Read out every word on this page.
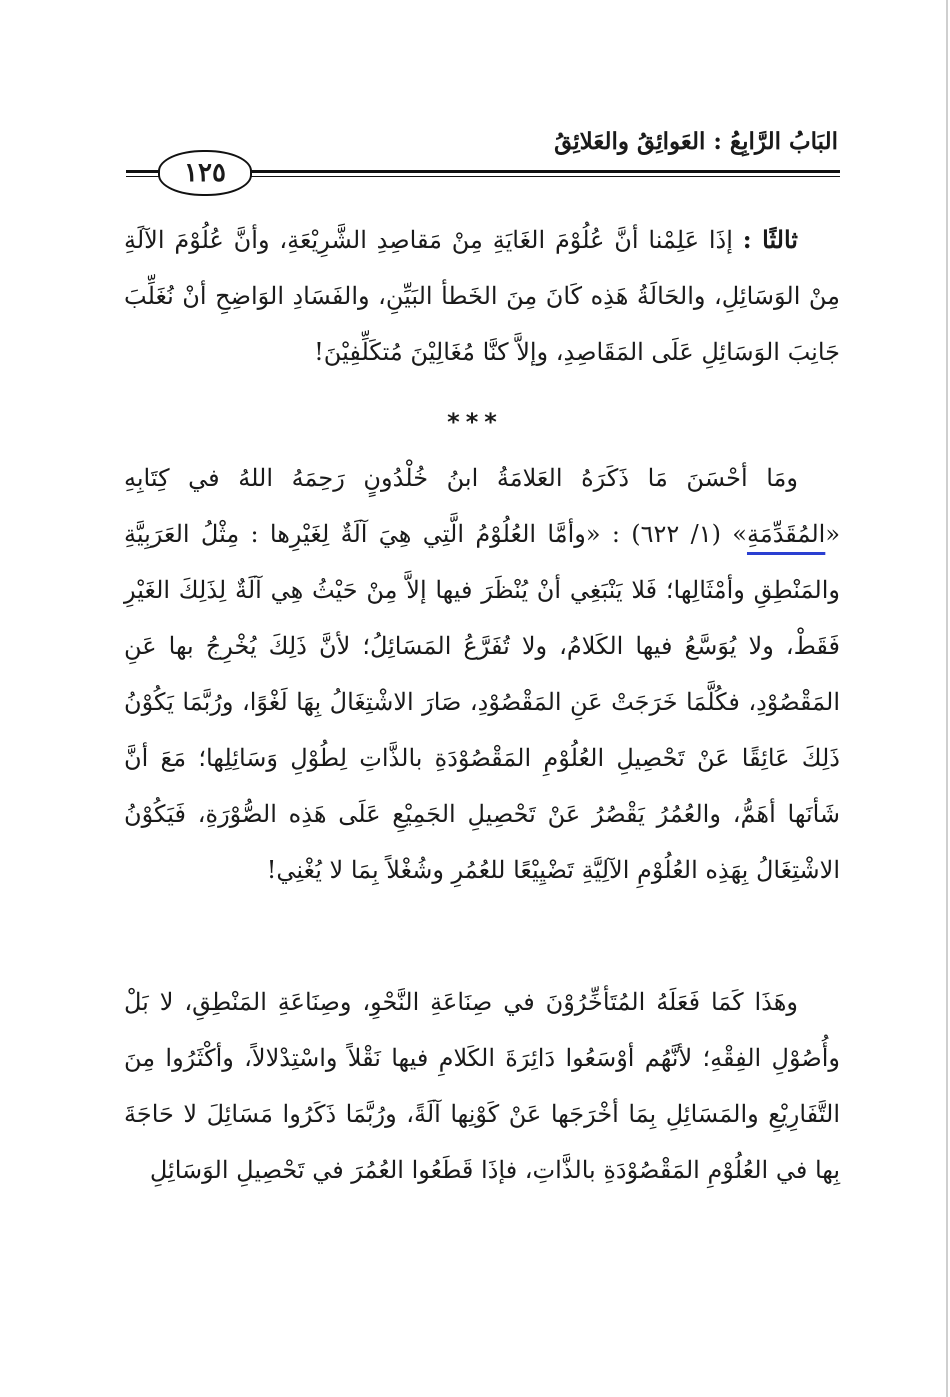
البَابُ الرَّابِعُ : العَوائِقُ والعَلائِقُ
١٢٥
ثالثًا : إذَا عَلِمْنا أنَّ عُلُوْمَ الغَايَةِ مِنْ مَقاصِدِ الشَّرِيْعَةِ، وأنَّ عُلُوْمَ الآلَةِ مِنْ الوَسَائِلِ، والحَالَةُ هَذِه كَانَ مِنَ الخَطأ البَيِّنِ، والفَسَادِ الوَاضِحِ أنْ نُغَلِّبَ جَانِبَ الوَسَائِلِ عَلَى المَقَاصِدِ، وإلاَّ كنَّا مُغَالِيْنَ مُتكَلِّفِيْنَ!
***
ومَا أحْسَنَ مَا ذَكَرَهُ العَلامَةُ ابنُ خُلْدُونٍ رَحِمَهُ اللهُ في كِتَابِهِ «المُقَدِّمَةِ» (١/ ٦٢٢) : «وأمَّا العُلُوْمُ الَّتِي هِيَ آلَةٌ لِغَيْرِها : مِثْلُ العَرَبِيَّةِ والمَنْطِقِ وأمْثَالِها؛ فَلا يَنْبَغِي أنْ يُنْظَرَ فيها إلاَّ مِنْ حَيْثُ هِي آلَةٌ لِذَلِكَ الغَيْرِ فَقَطْ، ولا يُوَسَّعُ فيها الكَلامُ، ولا تُفَرَّعُ المَسَائِلُ؛ لأنَّ ذَلِكَ يُخْرِجُ بها عَنِ المَقْصُوْدِ، فكُلَّمَا خَرَجَتْ عَنِ المَقْصُوْدِ، صَارَ الاشْتِغَالُ بِهَا لَغْوًا، ورُبَّمَا يَكُوْنُ ذَلِكَ عَائِقًا عَنْ تَحْصِيلِ العُلُوْمِ المَقْصُوْدَةِ بالذَّاتِ لِطُوْلِ وَسَائِلِها؛ مَعَ أنَّ شَأنَها أهَمُّ، والعُمُرُ يَقْصُرُ عَنْ تَحْصِيلِ الجَمِيْعِ عَلَى هَذِه الصُّوْرَةِ، فَيَكُوْنُ الاشْتِغَالُ بِهَذِه العُلُوْمِ الآلِيَّةِ تَضْيِيْعًا للعُمُرِ وشُغْلاً بِمَا لا يُغْنِي!
وهَذَا كَمَا فَعَلَهُ المُتَأخِّرُوْنَ في صِنَاعَةِ النَّحْوِ، وصِنَاعَةِ المَنْطِقِ، لا بَلْ وأُصُوْلِ الفِقْهِ؛ لأنَّهُم أوْسَعُوا دَائِرَةَ الكَلامِ فيها نَقْلاً واسْتِدْلالاً، وأكْثَرُوا مِنَ التَّفَارِيْعِ والمَسَائِلِ بِمَا أخْرَجَها عَنْ كَوْنِها آلَةً، ورُبَّمَا ذَكَرُوا مَسَائِلَ لا حَاجَةَ بِها في العُلُوْمِ المَقْصُوْدَةِ بالذَّاتِ، فإذَا قَطَعُوا العُمُرَ في تَحْصِيلِ الوَسَائِلِ
